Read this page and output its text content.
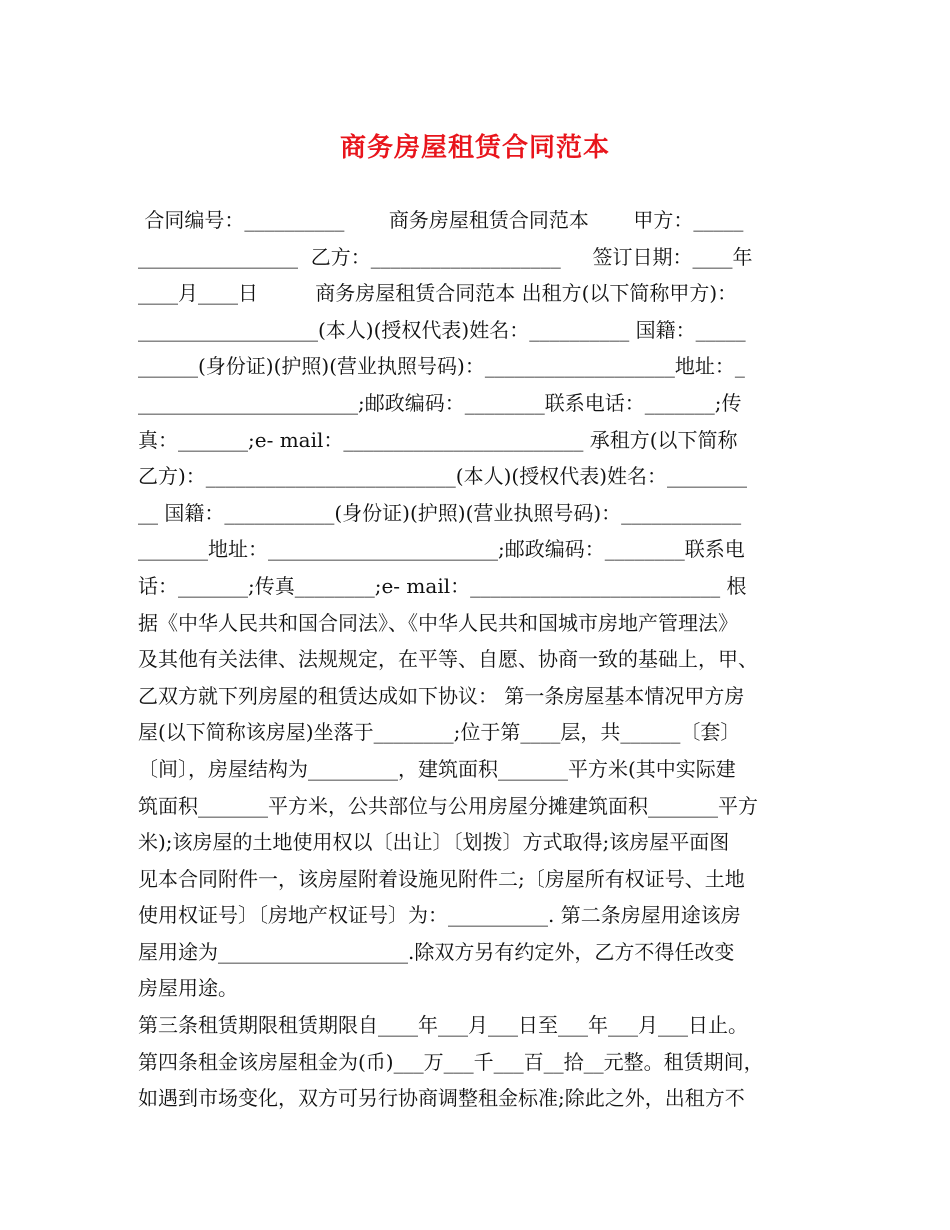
商务房屋租赁合同范本
合同编号：__________       商务房屋租赁合同范本       甲方：_____
________________  乙方：___________________     签订日期：____年
____月____日         商务房屋租赁合同范本 出租方(以下简称甲方)：
__________________(本人)(授权代表)姓名：__________ 国籍：_____
______(身份证)(护照)(营业执照号码)：___________________地址：_
______________________;邮政编码：________联系电话：_______;传
真：_______;e- mail：________________________ 承租方(以下简称
乙方)：_________________________(本人)(授权代表)姓名：________
__ 国籍：___________(身份证)(护照)(营业执照号码)：____________
_______地址：_______________________;邮政编码：________联系电
话：_______;传真________;e- mail：_________________________ 根
据《中华人民共和国合同法》、《中华人民共和国城市房地产管理法》
及其他有关法律、法规规定，在平等、自愿、协商一致的基础上，甲、
乙双方就下列房屋的租赁达成如下协议： 第一条房屋基本情况甲方房
屋(以下简称该房屋)坐落于________;位于第____层，共______〔套〕
〔间〕，房屋结构为_________，建筑面积_______平方米(其中实际建
筑面积_______平方米，公共部位与公用房屋分摊建筑面积_______平方
米);该房屋的土地使用权以〔出让〕〔划拨〕方式取得;该房屋平面图
见本合同附件一，该房屋附着设施见附件二;〔房屋所有权证号、土地
使用权证号〕〔房地产权证号〕为：__________. 第二条房屋用途该房
屋用途为___________________.除双方另有约定外，乙方不得任改变
房屋用途。
第三条租赁期限租赁期限自____年___月___日至___年___月___日止。
第四条租金该房屋租金为(币)___万___千___百__拾__元整。租赁期间，
如遇到市场变化，双方可另行协商调整租金标准;除此之外，出租方不
